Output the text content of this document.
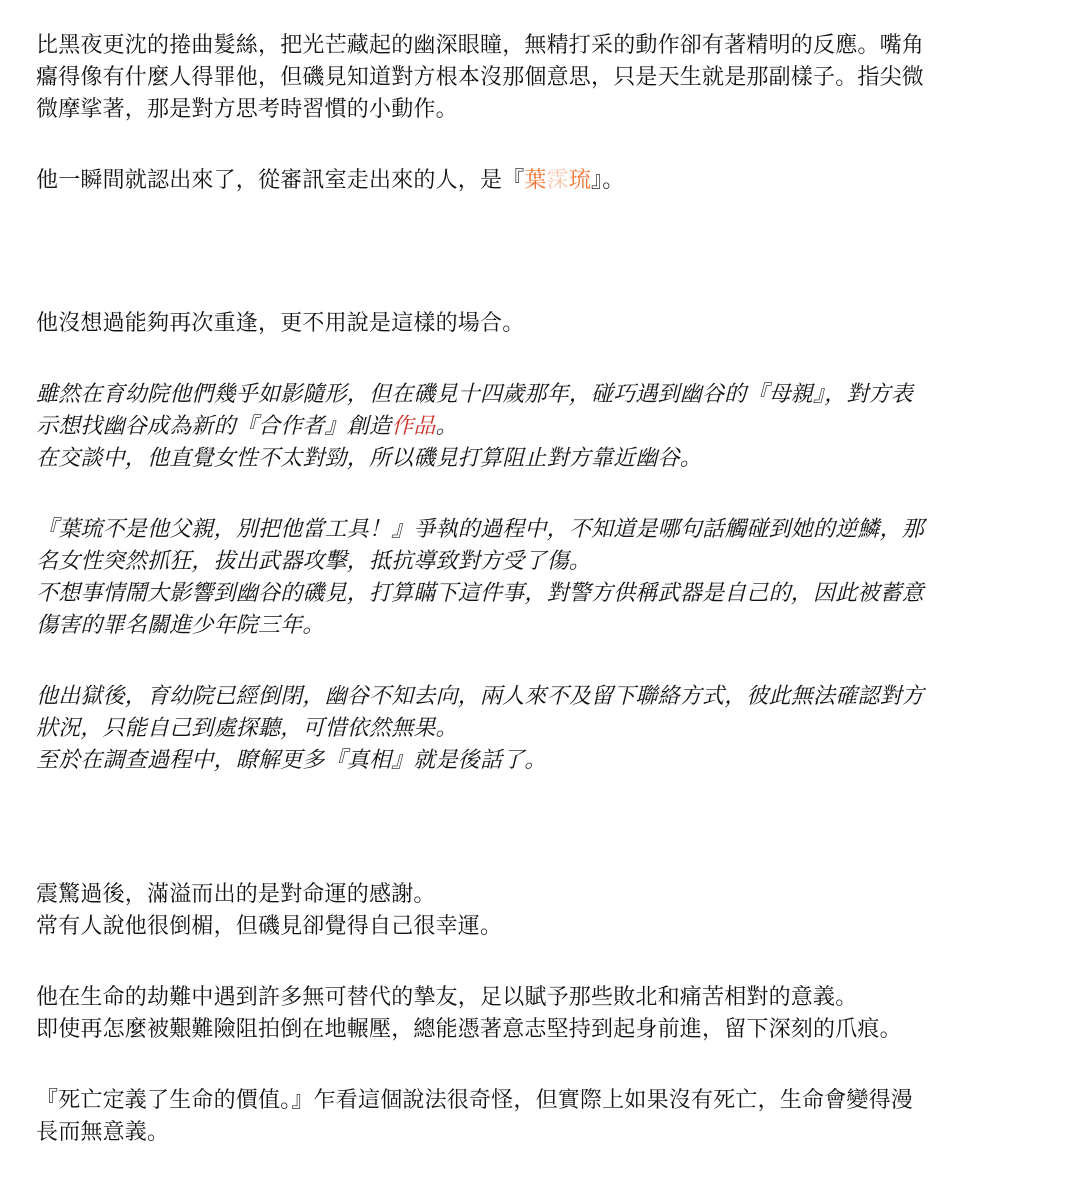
比黑夜更沈的捲曲髮絲，把光芒藏起的幽深眼瞳，無精打采的動作卻有著精明的反應。嘴角

癟得像有什麼人得罪他，但磯見知道對方根本沒那個意思，只是天生就是那副樣子。指尖微

微摩挲著，那是對方思考時習慣的小動作。

他一瞬間就認出來了，從審訊室走出來的人，是『葉霂琉』。

他沒想過能夠再次重逢，更不用說是這樣的場合。

雖然在育幼院他們幾乎如影隨形，但在磯見十四歲那年，碰巧遇到幽谷的『母親』，對方表

示想找幽谷成為新的『合作者』創造作品。

在交談中，他直覺女性不太對勁，所以磯見打算阻止對方靠近幽谷。

『葉琉不是他父親，別把他當工具！』爭執的過程中，不知道是哪句話觸碰到她的逆鱗，那

名女性突然抓狂，拔出武器攻擊，抵抗導致對方受了傷。

不想事情鬧大影響到幽谷的磯見，打算瞞下這件事，對警方供稱武器是自己的，因此被蓄意

傷害的罪名關進少年院三年。

他出獄後，育幼院已經倒閉，幽谷不知去向，兩人來不及留下聯絡方式，彼此無法確認對方

狀況，只能自己到處探聽，可惜依然無果。

至於在調查過程中，瞭解更多『真相』就是後話了。

震驚過後，滿溢而出的是對命運的感謝。

常有人說他很倒楣，但磯見卻覺得自己很幸運。

他在生命的劫難中遇到許多無可替代的摯友，足以賦予那些敗北和痛苦相對的意義。

即使再怎麼被艱難險阻拍倒在地輾壓，總能憑著意志堅持到起身前進，留下深刻的爪痕。

『死亡定義了生命的價值。』乍看這個說法很奇怪，但實際上如果沒有死亡，生命會變得漫

長而無意義。
